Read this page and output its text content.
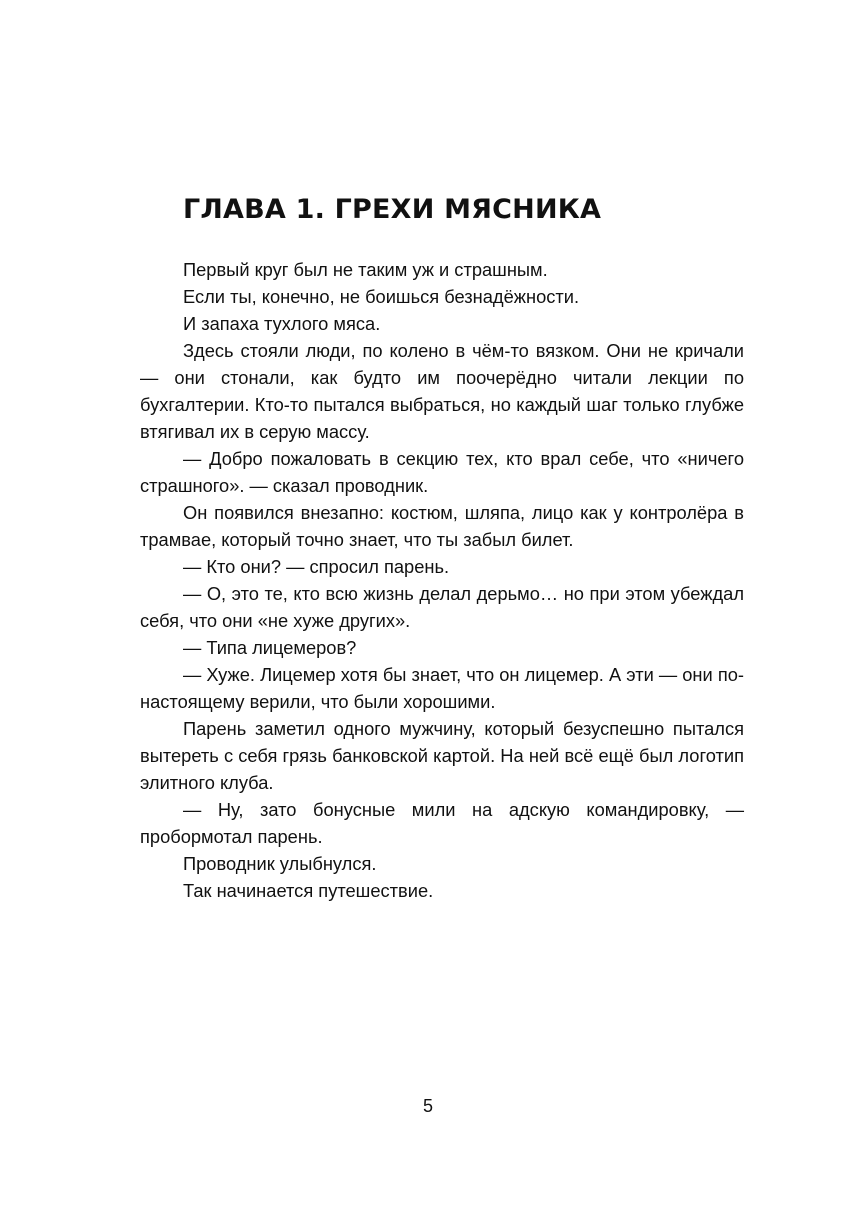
ГЛАВА 1. ГРЕХИ МЯСНИКА

Первый круг был не таким уж и страшным.

Если ты, конечно, не боишься безнадёжности.

И запаха тухлого мяса.

Здесь стояли люди, по колено в чём-то вязком. Они не кричали — они стонали, как будто им поочерёдно читали лекции по бухгалтерии. Кто-то пытался выбраться, но каждый шаг только глубже втягивал их в серую массу.

— Добро пожаловать в секцию тех, кто врал себе, что «ничего страшного». — сказал проводник.

Он появился внезапно: костюм, шляпа, лицо как у контролёра в трамвае, который точно знает, что ты забыл билет.

— Кто они? — спросил парень.

— О, это те, кто всю жизнь делал дерьмо… но при этом убеждал себя, что они «не хуже других».

— Типа лицемеров?

— Хуже. Лицемер хотя бы знает, что он лицемер. А эти — они по-настоящему верили, что были хорошими.

Парень заметил одного мужчину, который безуспешно пытался вытереть с себя грязь банковской картой. На ней всё ещё был логотип элитного клуба.

— Ну, зато бонусные мили на адскую командировку, — пробормотал парень.

Проводник улыбнулся.

Так начинается путешествие.

5
